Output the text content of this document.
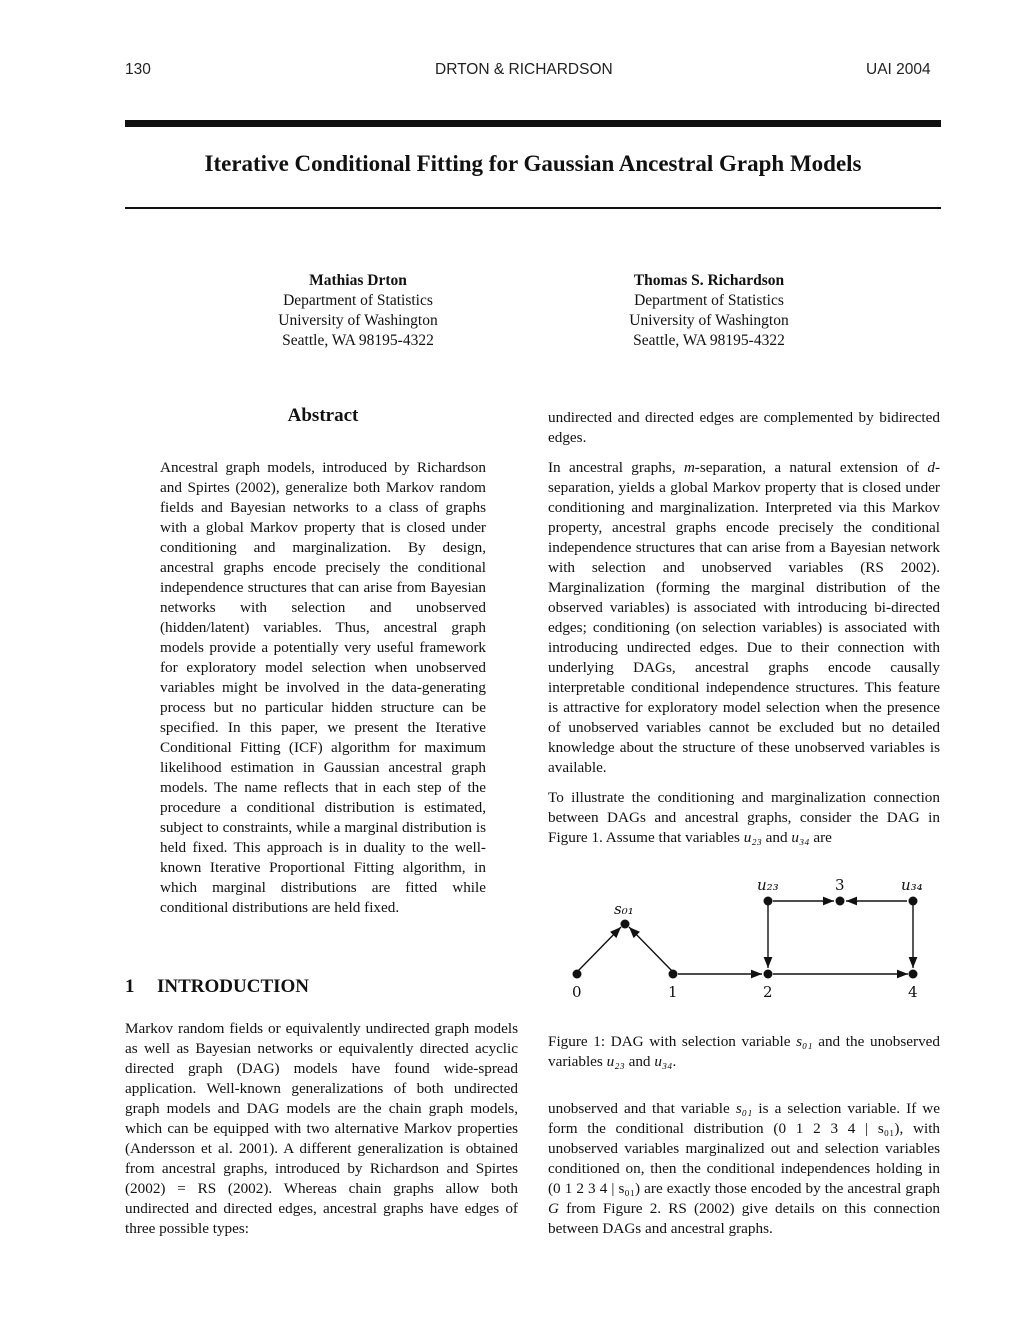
130	DRTON & RICHARDSON	UAI 2004
Iterative Conditional Fitting for Gaussian Ancestral Graph Models
Mathias Drton
Department of Statistics
University of Washington
Seattle, WA 98195-4322
Thomas S. Richardson
Department of Statistics
University of Washington
Seattle, WA 98195-4322
Abstract

Ancestral graph models, introduced by Richardson and Spirtes (2002), generalize both Markov random fields and Bayesian networks to a class of graphs with a global Markov property that is closed under conditioning and marginalization. By design, ancestral graphs encode precisely the conditional independence structures that can arise from Bayesian networks with selection and unobserved (hidden/latent) variables. Thus, ancestral graph models provide a potentially very useful framework for exploratory model selection when unobserved variables might be involved in the data-generating process but no particular hidden structure can be specified. In this paper, we present the Iterative Conditional Fitting (ICF) algorithm for maximum likelihood estimation in Gaussian ancestral graph models. The name reflects that in each step of the procedure a conditional distribution is estimated, subject to constraints, while a marginal distribution is held fixed. This approach is in duality to the well-known Iterative Proportional Fitting algorithm, in which marginal distributions are fitted while conditional distributions are held fixed.

1 INTRODUCTION

Markov random fields or equivalently undirected graph models as well as Bayesian networks or equivalently directed acyclic directed graph (DAG) models have found wide-spread application. Well-known generalizations of both undirected graph models and DAG models are the chain graph models, which can be equipped with two alternative Markov properties (Andersson et al. 2001). A different generalization is obtained from ancestral graphs, introduced by Richardson and Spirtes (2002) = RS (2002). Whereas chain graphs allow both undirected and directed edges, ancestral graphs have edges of three possible types:

undirected and directed edges are complemented by bidirected edges.

In ancestral graphs, m-separation, a natural extension of d-separation, yields a global Markov property that is closed under conditioning and marginalization. Interpreted via this Markov property, ancestral graphs encode precisely the conditional independence structures that can arise from a Bayesian network with selection and unobserved variables (RS 2002). Marginalization (forming the marginal distribution of the observed variables) is associated with introducing bi-directed edges; conditioning (on selection variables) is associated with introducing undirected edges. Due to their connection with underlying DAGs, ancestral graphs encode causally interpretable conditional independence structures. This feature is attractive for exploratory model selection when the presence of unobserved variables cannot be excluded but no detailed knowledge about the structure of these unobserved variables is available.

To illustrate the conditioning and marginalization connection between DAGs and ancestral graphs, consider the DAG in Figure 1. Assume that variables u₂₃ and u₃₄ are

s₀₁
u₂₃	3	u₃₄
0	1	2	4

Figure 1: DAG with selection variable s₀₁ and the unobserved variables u₂₃ and u₃₄.

unobserved and that variable s₀₁ is a selection variable. If we form the conditional distribution (0 1 2 3 4 | s₀₁), with unobserved variables marginalized out and selection variables conditioned on, then the conditional independences holding in (0 1 2 3 4 | s₀₁) are exactly those encoded by the ancestral graph G from Figure 2. RS (2002) give details on this connection between DAGs and ancestral graphs.
